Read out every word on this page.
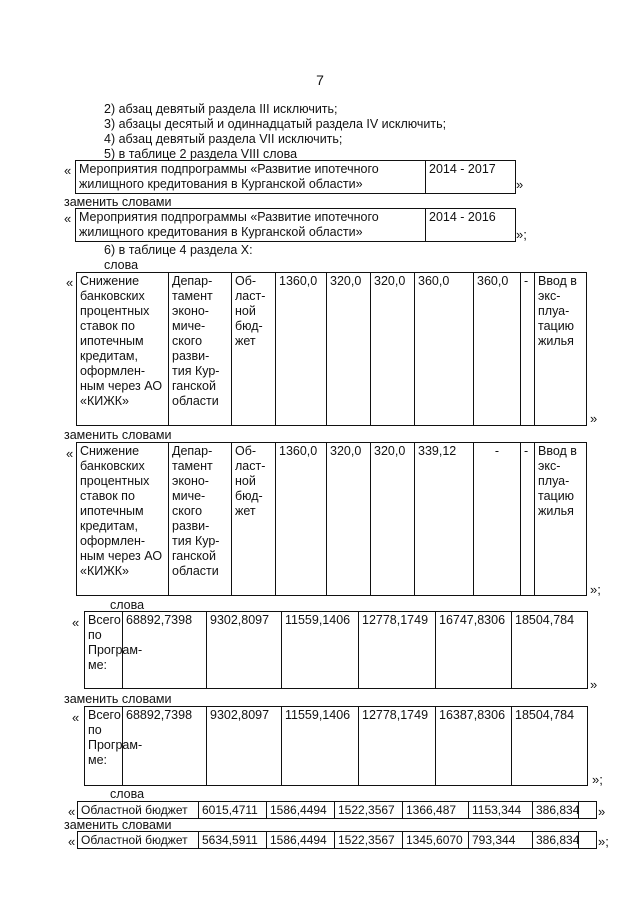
7
2) абзац девятый раздела III исключить;
3) абзацы десятый и одиннадцатый раздела IV исключить;
4) абзац девятый раздела VII исключить;
5) в таблице 2 раздела VIII слова
« Мероприятия подпрограммы «Развитие ипотечного жилищного кредитования в Курганской области»	2014 - 2017
»
заменить словами
« Мероприятия подпрограммы «Развитие ипотечного жилищного кредитования в Курганской области»	2014 - 2016
»;
6) в таблице 4 раздела X:
слова
« Снижение банковских процентных ставок по ипотечным кредитам, оформлен-ным через АО «КИЖК»	Депар-тамент эконо-миче-ского разви-тия Кур-ганской области	Об-ласт-ной бюд-жет	1360,0	320,0	320,0	360,0	360,0	-	Ввод в экс-плуа-тацию жилья
»
заменить словами
« Снижение банковских процентных ставок по ипотечным кредитам, оформлен-ным через АО «КИЖК»	Депар-тамент эконо-миче-ского разви-тия Кур-ганской области	Об-ласт-ной бюд-жет	1360,0	320,0	320,0	339,12	-	-	Ввод в экс-плуа-тацию жилья
»;
слова
« Всего по Програм-ме:	68892,7398	9302,8097	11559,1406	12778,1749	16747,8306	18504,784
»
заменить словами
« Всего по Програм-ме:	68892,7398	9302,8097	11559,1406	12778,1749	16387,8306	18504,784
»;
слова
« Областной бюджет	6015,4711	1586,4494	1522,3567	1366,487	1153,344	386,834	»
заменить словами
« Областной бюджет	5634,5911	1586,4494	1522,3567	1345,6070	793,344	386,834	»;
